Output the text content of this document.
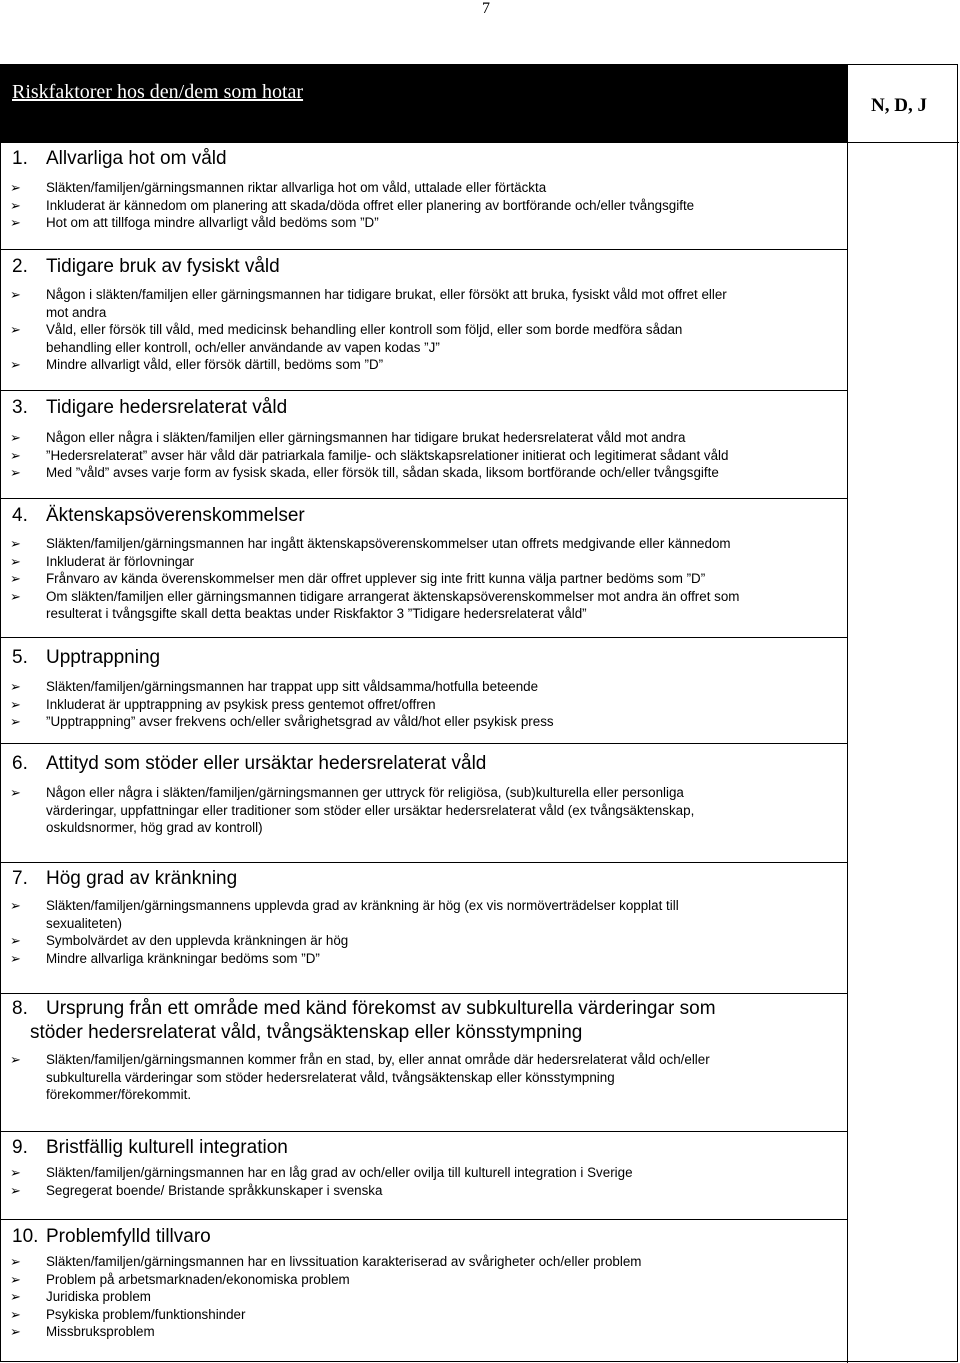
7
Riskfaktorer hos den/dem som hotar
N, D, J
1. Allvarliga hot om våld
➢ Släkten/familjen/gärningsmannen riktar allvarliga hot om våld, uttalade eller förtäckta
➢ Inkluderat är kännedom om planering att skada/döda offret eller planering av bortförande och/eller tvångsgifte
➢ Hot om att tillfoga mindre allvarligt våld bedöms som ”D”
2. Tidigare bruk av fysiskt våld
➢ Någon i släkten/familjen eller gärningsmannen har tidigare brukat, eller försökt att bruka, fysiskt våld mot offret eller
mot andra
➢ Våld, eller försök till våld, med medicinsk behandling eller kontroll som följd, eller som borde medföra sådan
behandling eller kontroll, och/eller användande av vapen kodas ”J”
➢ Mindre allvarligt våld, eller försök därtill, bedöms som ”D”
3. Tidigare hedersrelaterat våld
➢ Någon eller några i släkten/familjen eller gärningsmannen har tidigare brukat hedersrelaterat våld mot andra
➢ ”Hedersrelaterat” avser här våld där patriarkala familje- och släktskapsrelationer initierat och legitimerat sådant våld
➢ Med ”våld” avses varje form av fysisk skada, eller försök till, sådan skada, liksom bortförande och/eller tvångsgifte
4. Äktenskapsöverenskommelser
➢ Släkten/familjen/gärningsmannen har ingått äktenskapsöverenskommelser utan offrets medgivande eller kännedom
➢ Inkluderat är förlovningar
➢ Frånvaro av kända överenskommelser men där offret upplever sig inte fritt kunna välja partner bedöms som ”D”
➢ Om släkten/familjen eller gärningsmannen tidigare arrangerat äktenskapsöverenskommelser mot andra än offret som
resulterat i tvångsgifte skall detta beaktas under Riskfaktor 3 ”Tidigare hedersrelaterat våld”
5. Upptrappning
➢ Släkten/familjen/gärningsmannen har trappat upp sitt våldsamma/hotfulla beteende
➢ Inkluderat är upptrappning av psykisk press gentemot offret/offren
➢ ”Upptrappning” avser frekvens och/eller svårighetsgrad av våld/hot eller psykisk press
6. Attityd som stöder eller ursäktar hedersrelaterat våld
➢ Någon eller några i släkten/familjen/gärningsmannen ger uttryck för religiösa, (sub)kulturella eller personliga
värderingar, uppfattningar eller traditioner som stöder eller ursäktar hedersrelaterat våld (ex tvångsäktenskap,
oskuldsnormer, hög grad av kontroll)
7. Hög grad av kränkning
➢ Släkten/familjen/gärningsmannens upplevda grad av kränkning är hög (ex vis normöverträdelser kopplat till
sexualiteten)
➢ Symbolvärdet av den upplevda kränkningen är hög
➢ Mindre allvarliga kränkningar bedöms som ”D”
8. Ursprung från ett område med känd förekomst av subkulturella värderingar som
stöder hedersrelaterat våld, tvångsäktenskap eller könsstympning
➢ Släkten/familjen/gärningsmannen kommer från en stad, by, eller annat område där hedersrelaterat våld och/eller
subkulturella värderingar som stöder hedersrelaterat våld, tvångsäktenskap eller könsstympning
förekommer/förekommit.
9. Bristfällig kulturell integration
➢ Släkten/familjen/gärningsmannen har en låg grad av och/eller ovilja till kulturell integration i Sverige
➢ Segregerat boende/ Bristande språkkunskaper i svenska
10. Problemfylld tillvaro
➢ Släkten/familjen/gärningsmannen har en livssituation karakteriserad av svårigheter och/eller problem
➢ Problem på arbetsmarknaden/ekonomiska problem
➢ Juridiska problem
➢ Psykiska problem/funktionshinder
➢ Missbruksproblem
